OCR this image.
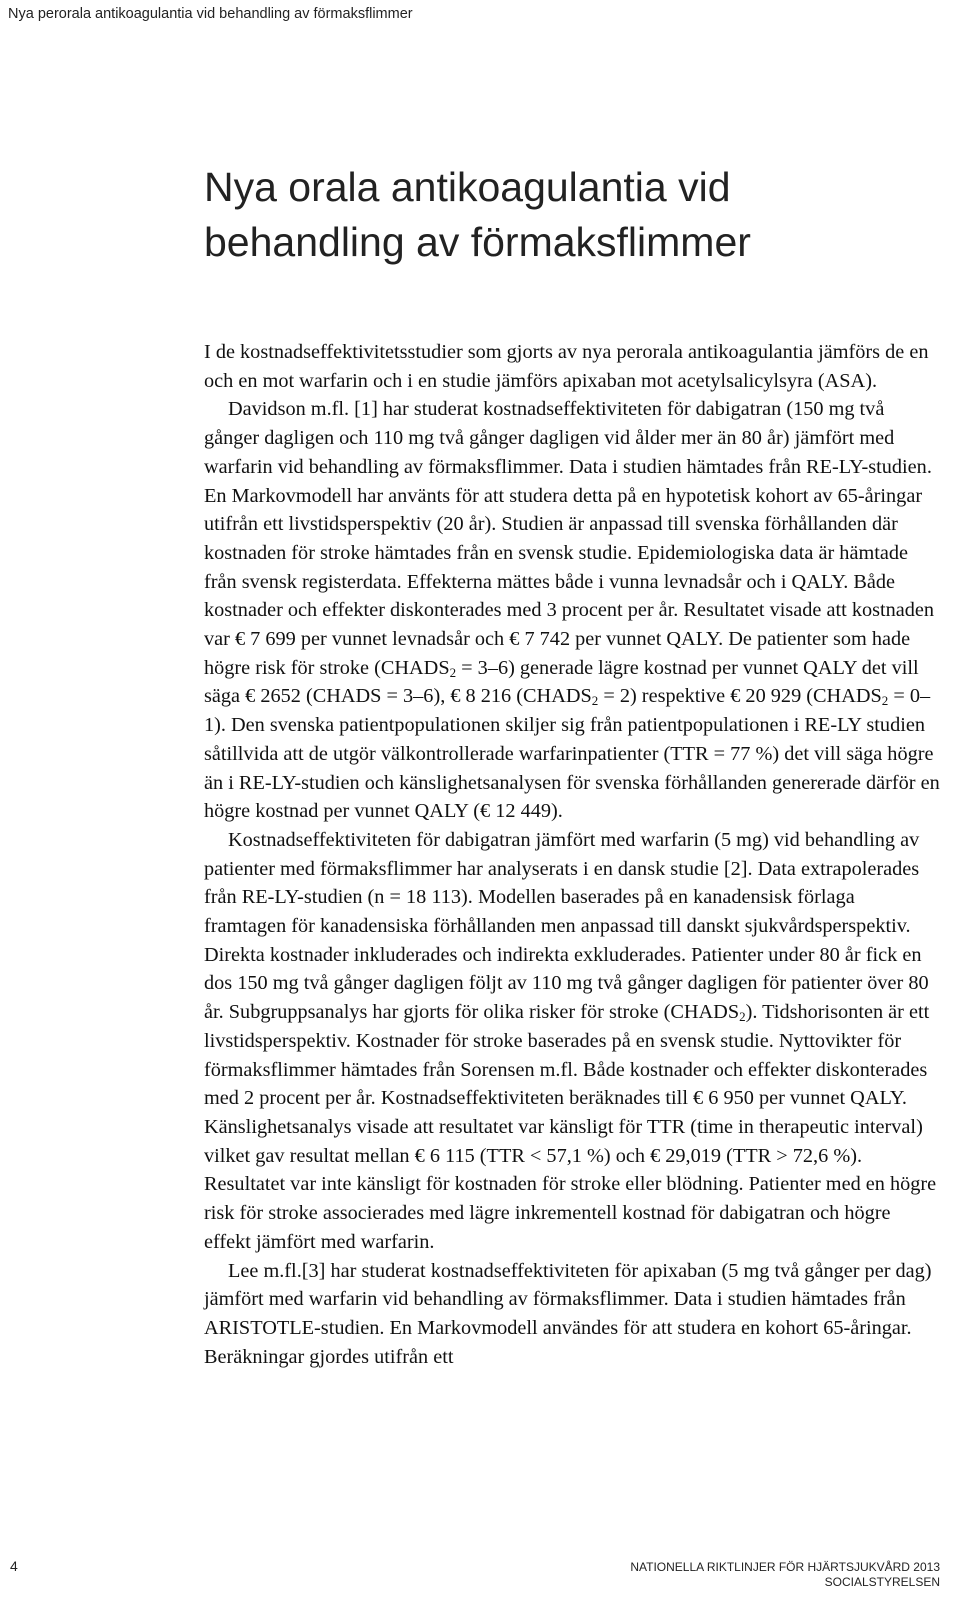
Nya perorala antikoagulantia vid behandling av förmaksflimmer
Nya orala antikoagulantia vid
behandling av förmaksflimmer

I de kostnadseffektivitetsstudier som gjorts av nya perorala antikoagulantia jämförs de en och en mot warfarin och i en studie jämförs apixaban mot acetylsalicylsyra (ASA).

Davidson m.fl. [1] har studerat kostnadseffektiviteten för dabigatran (150 mg två gånger dagligen och 110 mg två gånger dagligen vid ålder mer än 80 år) jämfört med warfarin vid behandling av förmaksflimmer. Data i studien hämtades från RE-LY-studien. En Markovmodell har använts för att studera detta på en hypotetisk kohort av 65-åringar utifrån ett livstidsperspektiv (20 år). Studien är anpassad till svenska förhållanden där kostnaden för stroke hämtades från en svensk studie. Epidemiologiska data är hämtade från svensk registerdata. Effekterna mättes både i vunna levnadsår och i QALY. Både kostnader och effekter diskonterades med 3 procent per år. Resultatet visade att kostnaden var € 7 699 per vunnet levnadsår och € 7 742 per vunnet QALY. De patienter som hade högre risk för stroke $(CHADS_2 = 3-6)$ generade lägre kostnad per vunnet QALY det vill säga € 2652 (CHADS = 3–6), € 8 216 $(CHADS_2 = 2)$ respektive € 20 929 $(CHADS_2 = 0-1)$. Den svenska patientpopulationen skiljer sig från patientpopulationen i RE-LY studien såtillvida att de utgör välkontrollerade warfarinpatienter (TTR = 77 %) det vill säga högre än i RE-LY-studien och känslighetsanalysen för svenska förhållanden genererade därför en högre kostnad per vunnet QALY (€ 12 449).

Kostnadseffektiviteten för dabigatran jämfört med warfarin (5 mg) vid behandling av patienter med förmaksflimmer har analyserats i en dansk studie [2]. Data extrapolerades från RE-LY-studien (n = 18 113). Modellen baserades på en kanadensisk förlaga framtagen för kanadensiska förhållanden men anpassad till danskt sjukvårdsperspektiv. Direkta kostnader inkluderades och indirekta exkluderades. Patienter under 80 år fick en dos 150 mg två gånger dagligen följt av 110 mg två gånger dagligen för patienter över 80 år. Subgruppsanalys har gjorts för olika risker för stroke $(CHADS_2)$. Tidshorisonten är ett livstidsperspektiv. Kostnader för stroke baserades på en svensk studie. Nyttovikter för förmaksflimmer hämtades från Sorensen m.fl. Både kostnader och effekter diskonterades med 2 procent per år. Kostnadseffektiviteten beräknades till € 6 950 per vunnet QALY. Känslighetsanalys visade att resultatet var känsligt för TTR (time in therapeutic interval) vilket gav resultat mellan € 6 115 (TTR < 57,1 %) och € 29,019 (TTR > 72,6 %). Resultatet var inte känsligt för kostnaden för stroke eller blödning. Patienter med en högre risk för stroke associerades med lägre inkrementell kostnad för dabigatran och högre effekt jämfört med warfarin.

Lee m.fl.[3] har studerat kostnadseffektiviteten för apixaban (5 mg två gånger per dag) jämfört med warfarin vid behandling av förmaksflimmer. Data i studien hämtades från ARISTOTLE-studien. En Markovmodell användes för att studera en kohort 65-åringar. Beräkningar gjordes utifrån ett

4	NATIONELLA RIKTLINJER FÖR HJÄRTSJUKVÅRD 2013
SOCIALSTYRELSEN
